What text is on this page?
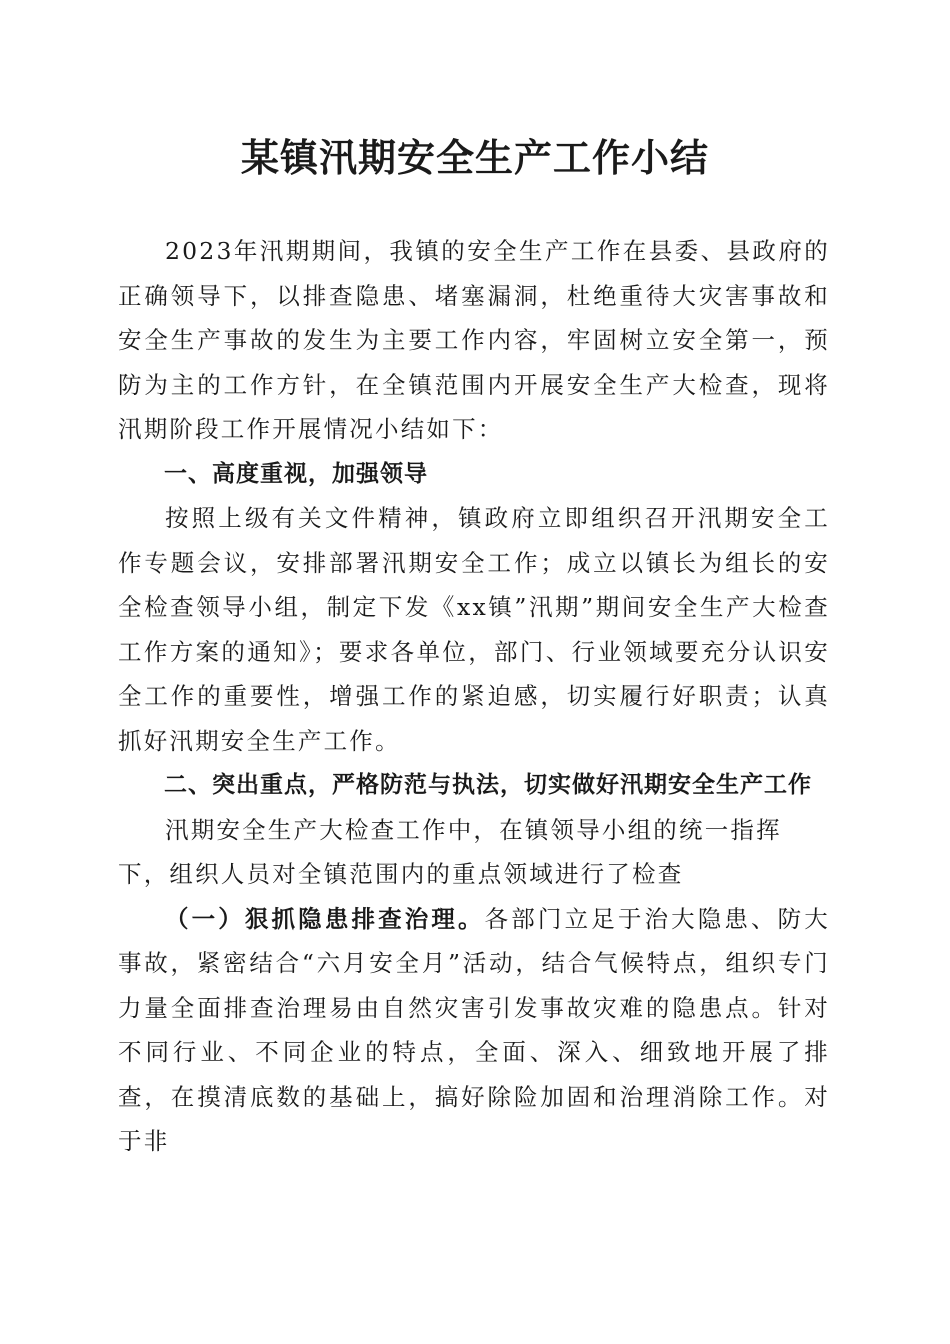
某镇汛期安全生产工作小结

2023年汛期期间，我镇的安全生产工作在县委、县政府的正确领导下，以排查隐患、堵塞漏洞，杜绝重待大灾害事故和安全生产事故的发生为主要工作内容，牢固树立安全第一，预防为主的工作方针，在全镇范围内开展安全生产大检查，现将汛期阶段工作开展情况小结如下：

一、高度重视，加强领导

按照上级有关文件精神，镇政府立即组织召开汛期安全工作专题会议，安排部署汛期安全工作；成立以镇长为组长的安全检查领导小组，制定下发《xx镇”汛期”期间安全生产大检查工作方案的通知》；要求各单位，部门、行业领域要充分认识安全工作的重要性，增强工作的紧迫感，切实履行好职责；认真抓好汛期安全生产工作。

二、突出重点，严格防范与执法，切实做好汛期安全生产工作

汛期安全生产大检查工作中，在镇领导小组的统一指挥下，组织人员对全镇范围内的重点领域进行了检查

（一）狠抓隐患排查治理。各部门立足于治大隐患、防大事故，紧密结合“六月安全月”活动，结合气候特点，组织专门力量全面排查治理易由自然灾害引发事故灾难的隐患点。针对不同行业、不同企业的特点，全面、深入、细致地开展了排查，在摸清底数的基础上，搞好除险加固和治理消除工作。对于非
